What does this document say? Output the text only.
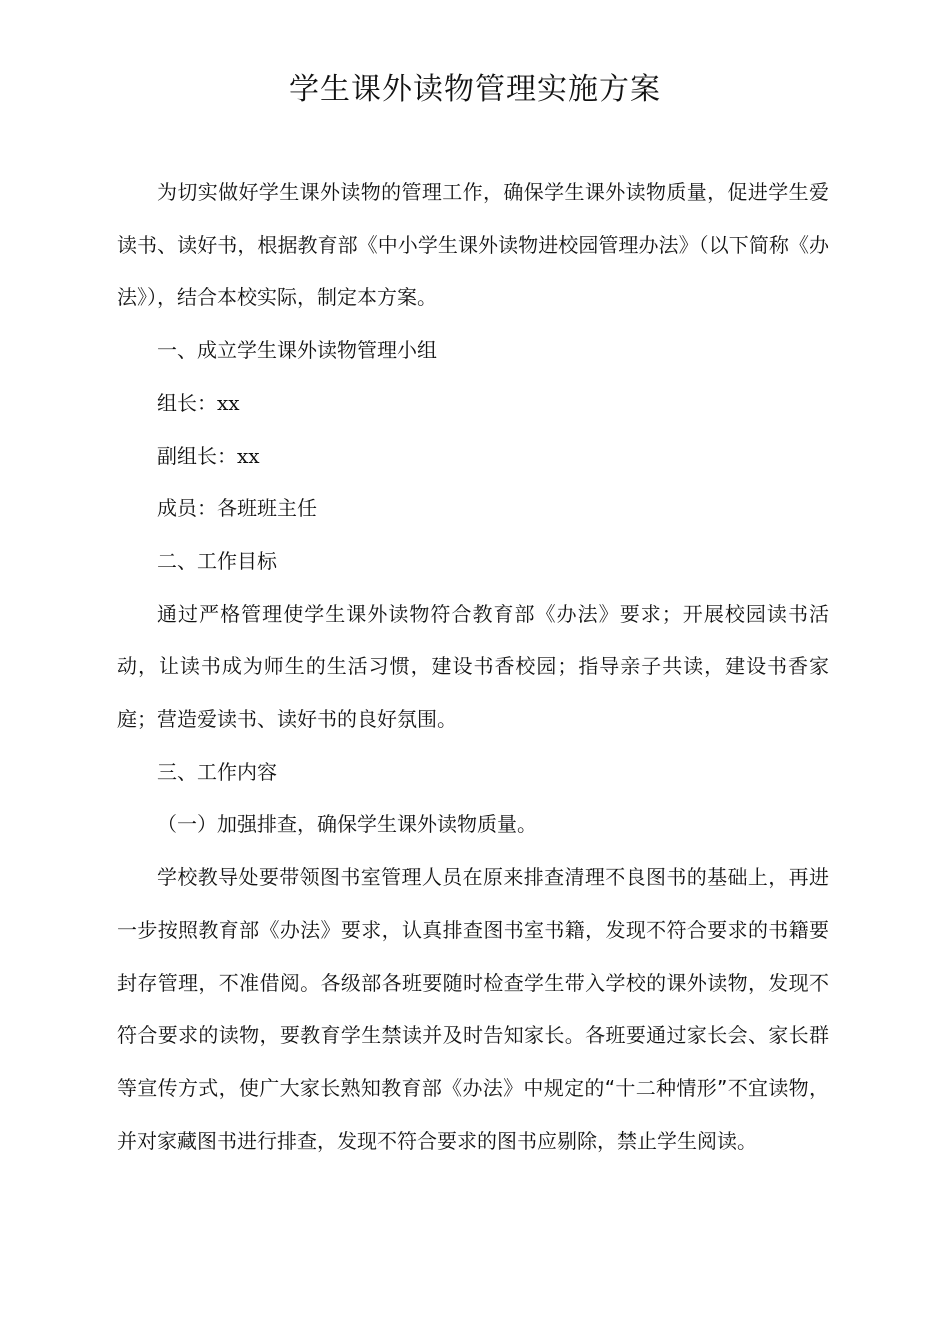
学生课外读物管理实施方案

为切实做好学生课外读物的管理工作，确保学生课外读物质量，促进学生爱读书、读好书，根据教育部《中小学生课外读物进校园管理办法》（以下简称《办法》），结合本校实际，制定本方案。

一、成立学生课外读物管理小组

组长：xx

副组长：xx

成员：各班班主任

二、工作目标

通过严格管理使学生课外读物符合教育部《办法》要求；开展校园读书活动，让读书成为师生的生活习惯，建设书香校园；指导亲子共读，建设书香家庭；营造爱读书、读好书的良好氛围。

三、工作内容

（一）加强排查，确保学生课外读物质量。

学校教导处要带领图书室管理人员在原来排查清理不良图书的基础上，再进一步按照教育部《办法》要求，认真排查图书室书籍，发现不符合要求的书籍要封存管理，不准借阅。各级部各班要随时检查学生带入学校的课外读物，发现不符合要求的读物，要教育学生禁读并及时告知家长。各班要通过家长会、家长群等宣传方式，使广大家长熟知教育部《办法》中规定的“十二种情形”不宜读物，并对家藏图书进行排查，发现不符合要求的图书应剔除，禁止学生阅读。
